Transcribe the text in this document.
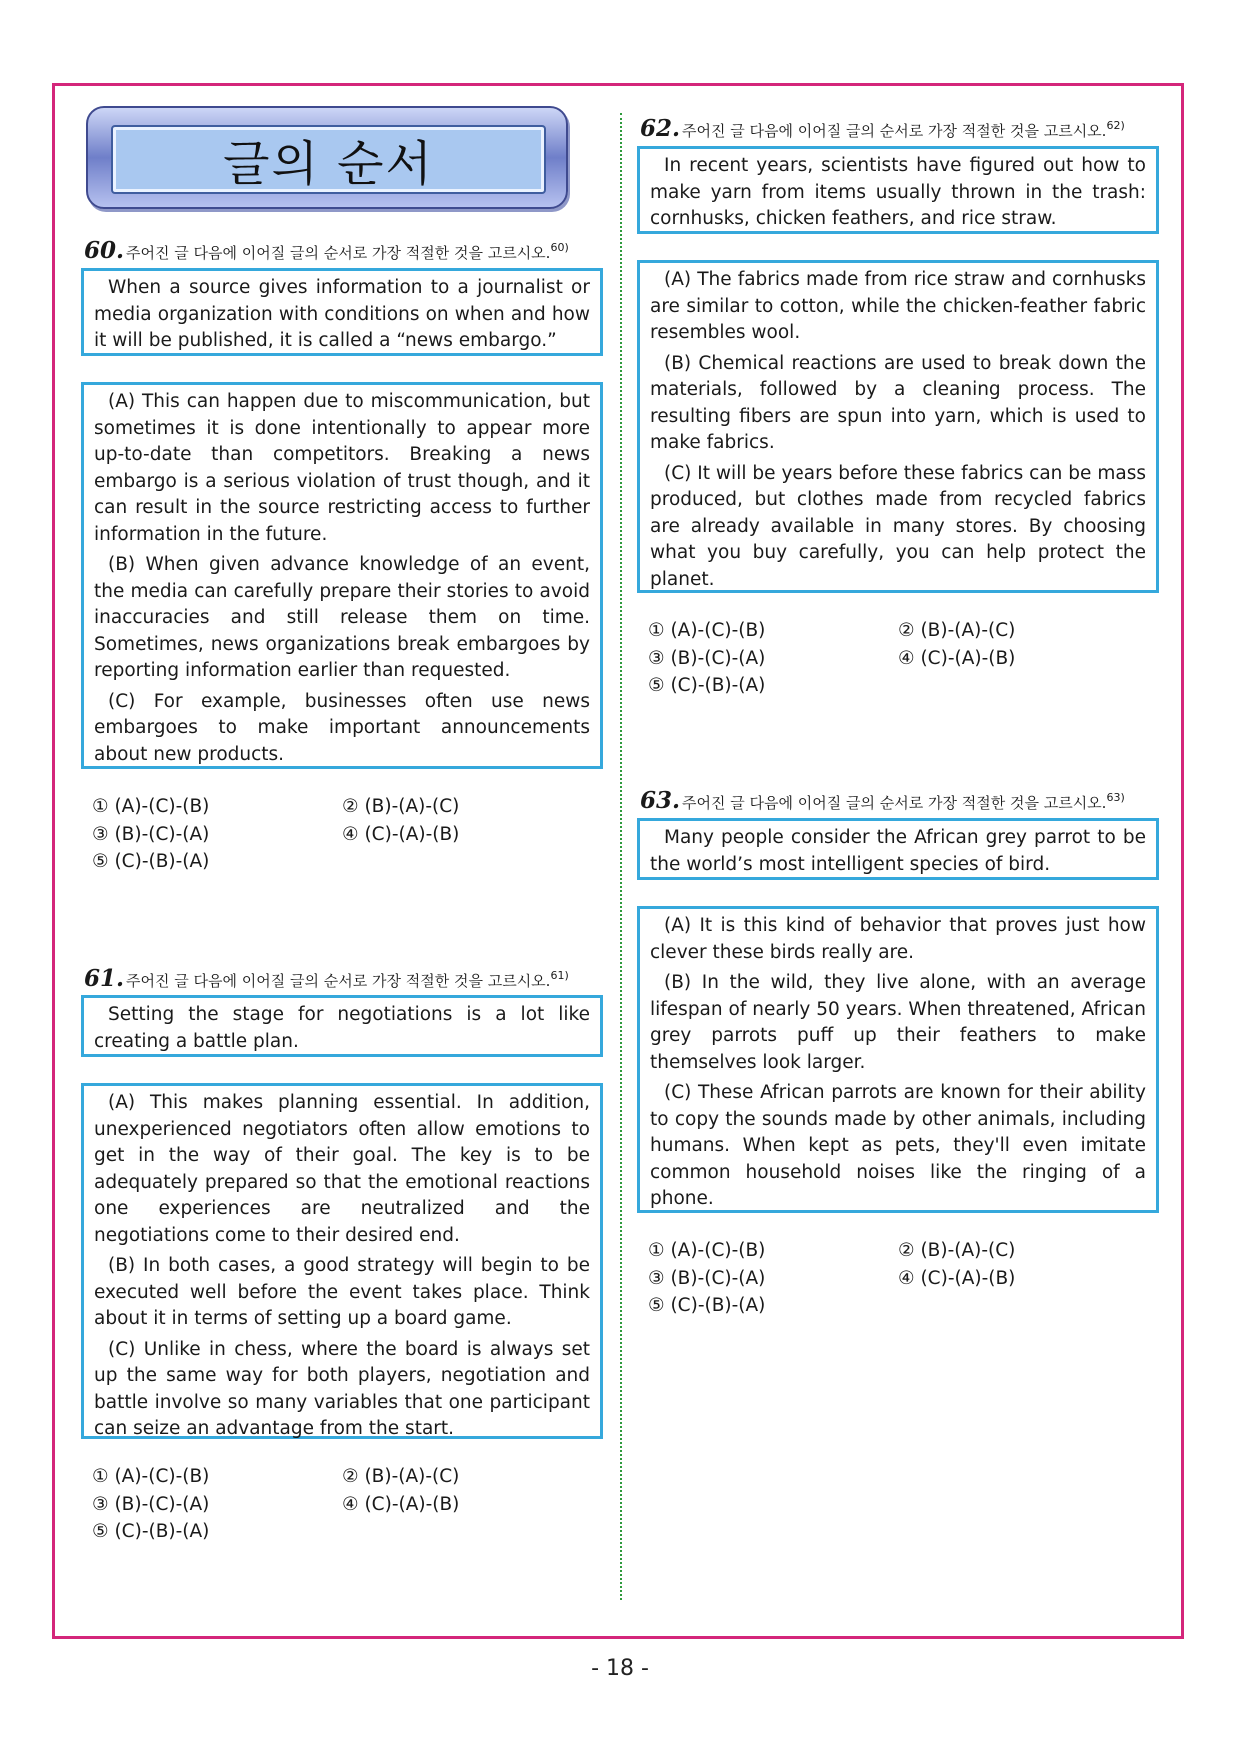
글의 순서
60. 주어진 글 다음에 이어질 글의 순서로 가장 적절한 것을 고르시오.$^{60)}$

When a source gives information to a journalist or media organization with conditions on when and how it will be published, it is called a “news embargo.”

(A) This can happen due to miscommunication, but sometimes it is done intentionally to appear more up-to-date than competitors. Breaking a news embargo is a serious violation of trust though, and it can result in the source restricting access to further information in the future.

(B) When given advance knowledge of an event, the media can carefully prepare their stories to avoid inaccuracies and still release them on time. Sometimes, news organizations break embargoes by reporting information earlier than requested.

(C) For example, businesses often use news embargoes to make important announcements about new products.

① (A)-(C)-(B)	② (B)-(A)-(C)
③ (B)-(C)-(A)	④ (C)-(A)-(B)
⑤ (C)-(B)-(A)
61. 주어진 글 다음에 이어질 글의 순서로 가장 적절한 것을 고르시오.$^{61)}$

Setting the stage for negotiations is a lot like creating a battle plan.

(A) This makes planning essential. In addition, unexperienced negotiators often allow emotions to get in the way of their goal. The key is to be adequately prepared so that the emotional reactions one experiences are neutralized and the negotiations come to their desired end.

(B) In both cases, a good strategy will begin to be executed well before the event takes place. Think about it in terms of setting up a board game.

(C) Unlike in chess, where the board is always set up the same way for both players, negotiation and battle involve so many variables that one participant can seize an advantage from the start.

① (A)-(C)-(B)	② (B)-(A)-(C)
③ (B)-(C)-(A)	④ (C)-(A)-(B)
⑤ (C)-(B)-(A)
62. 주어진 글 다음에 이어질 글의 순서로 가장 적절한 것을 고르시오.$^{62)}$

In recent years, scientists have figured out how to make yarn from items usually thrown in the trash: cornhusks, chicken feathers, and rice straw.

(A) The fabrics made from rice straw and cornhusks are similar to cotton, while the chicken-feather fabric resembles wool.

(B) Chemical reactions are used to break down the materials, followed by a cleaning process. The resulting fibers are spun into yarn, which is used to make fabrics.

(C) It will be years before these fabrics can be mass produced, but clothes made from recycled fabrics are already available in many stores. By choosing what you buy carefully, you can help protect the planet.

① (A)-(C)-(B)	② (B)-(A)-(C)
③ (B)-(C)-(A)	④ (C)-(A)-(B)
⑤ (C)-(B)-(A)
63. 주어진 글 다음에 이어질 글의 순서로 가장 적절한 것을 고르시오.$^{63)}$

Many people consider the African grey parrot to be the world’s most intelligent species of bird.

(A) It is this kind of behavior that proves just how clever these birds really are.

(B) In the wild, they live alone, with an average lifespan of nearly 50 years. When threatened, African grey parrots puff up their feathers to make themselves look larger.

(C) These African parrots are known for their ability to copy the sounds made by other animals, including humans. When kept as pets, they'll even imitate common household noises like the ringing of a phone.

① (A)-(C)-(B)	② (B)-(A)-(C)
③ (B)-(C)-(A)	④ (C)-(A)-(B)
⑤ (C)-(B)-(A)
- 18 -
